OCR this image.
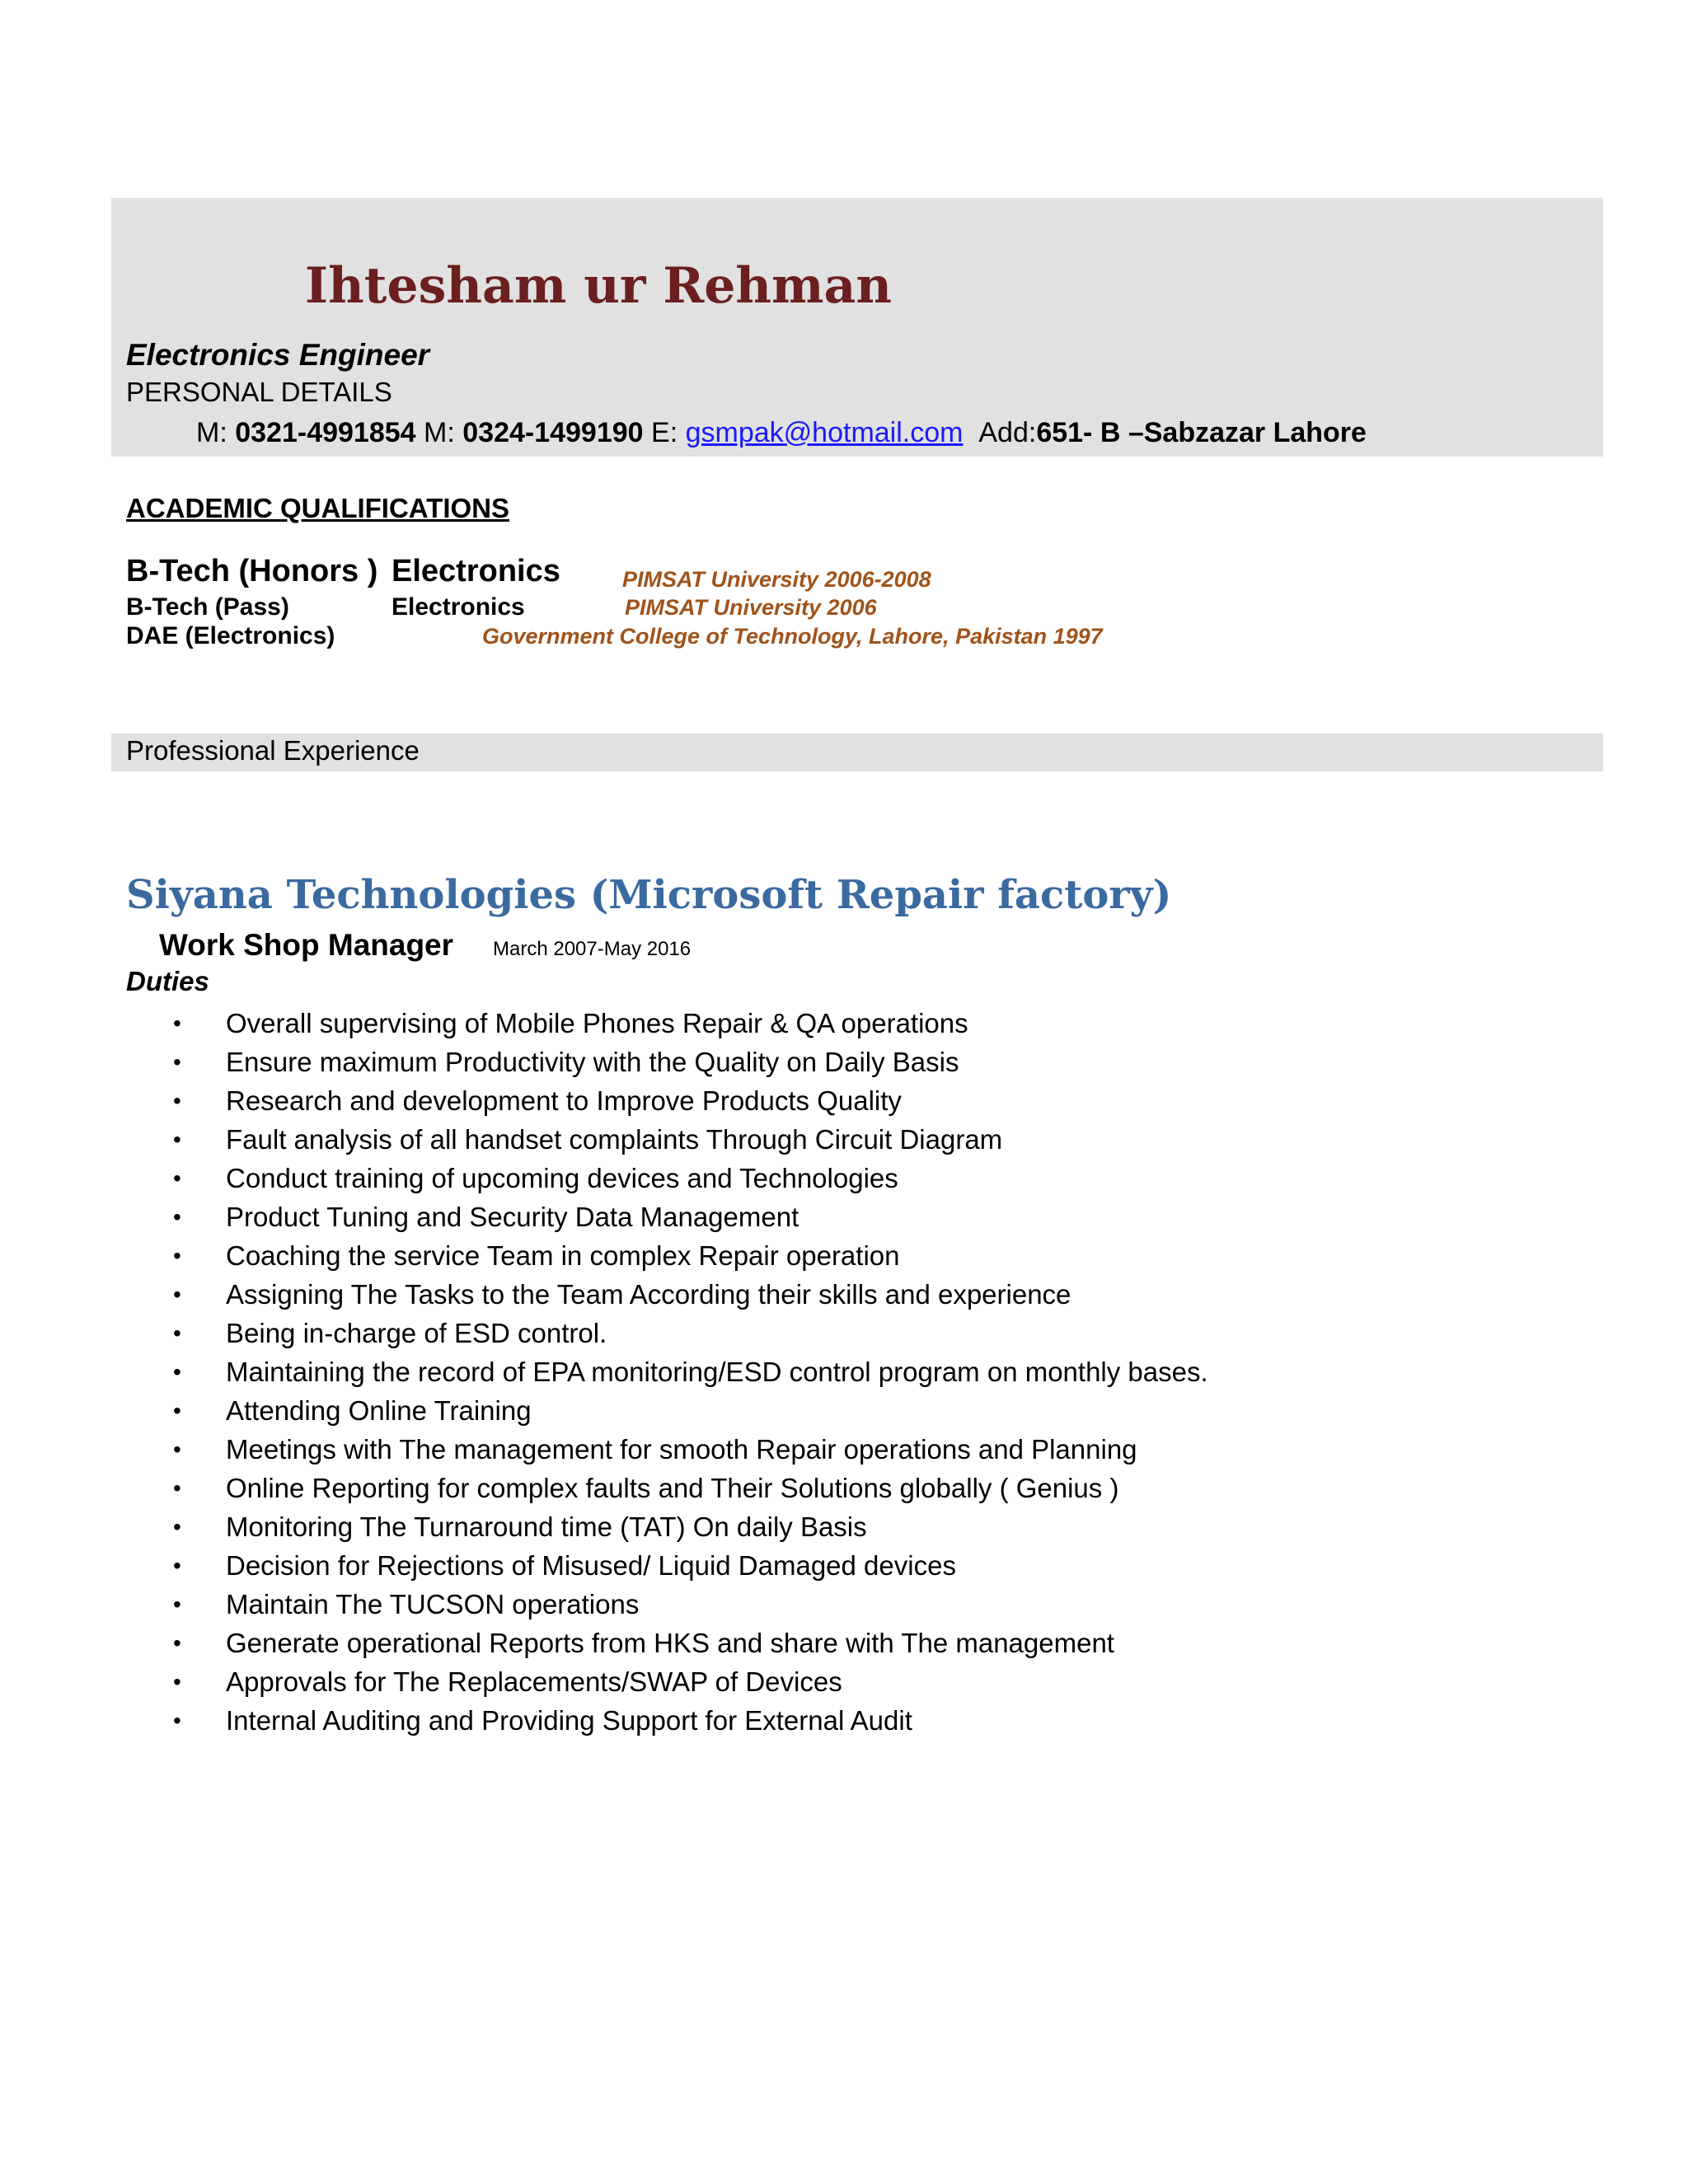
Ihtesham ur Rehman
Electronics Engineer
PERSONAL DETAILS
M: 0321-4991854 M: 0324-1499190 E: gsmpak@hotmail.com Add:651- B –Sabzazar Lahore
ACADEMIC QUALIFICATIONS
B-Tech (Honors ) Electronics	PIMSAT University 2006-2008
B-Tech (Pass)	Electronics	PIMSAT University 2006
DAE (Electronics)	Government College of Technology, Lahore, Pakistan 1997
Professional Experience
Siyana Technologies (Microsoft Repair factory)
Work Shop Manager March 2007-May 2016
Duties
•	Overall supervising of Mobile Phones Repair & QA operations
•	Ensure maximum Productivity with the Quality on Daily Basis
•	Research and development to Improve Products Quality
•	Fault analysis of all handset complaints Through Circuit Diagram
•	Conduct training of upcoming devices and Technologies
•	Product Tuning and Security Data Management
•	Coaching the service Team in complex Repair operation
•	Assigning The Tasks to the Team According their skills and experience
•	Being in-charge of ESD control.
•	Maintaining the record of EPA monitoring/ESD control program on monthly bases.
•	Attending Online Training
•	Meetings with The management for smooth Repair operations and Planning
•	Online Reporting for complex faults and Their Solutions globally ( Genius )
•	Monitoring The Turnaround time (TAT) On daily Basis
•	Decision for Rejections of Misused/ Liquid Damaged devices
•	Maintain The TUCSON operations
•	Generate operational Reports from HKS and share with The management
•	Approvals for The Replacements/SWAP of Devices
•	Internal Auditing and Providing Support for External Audit
